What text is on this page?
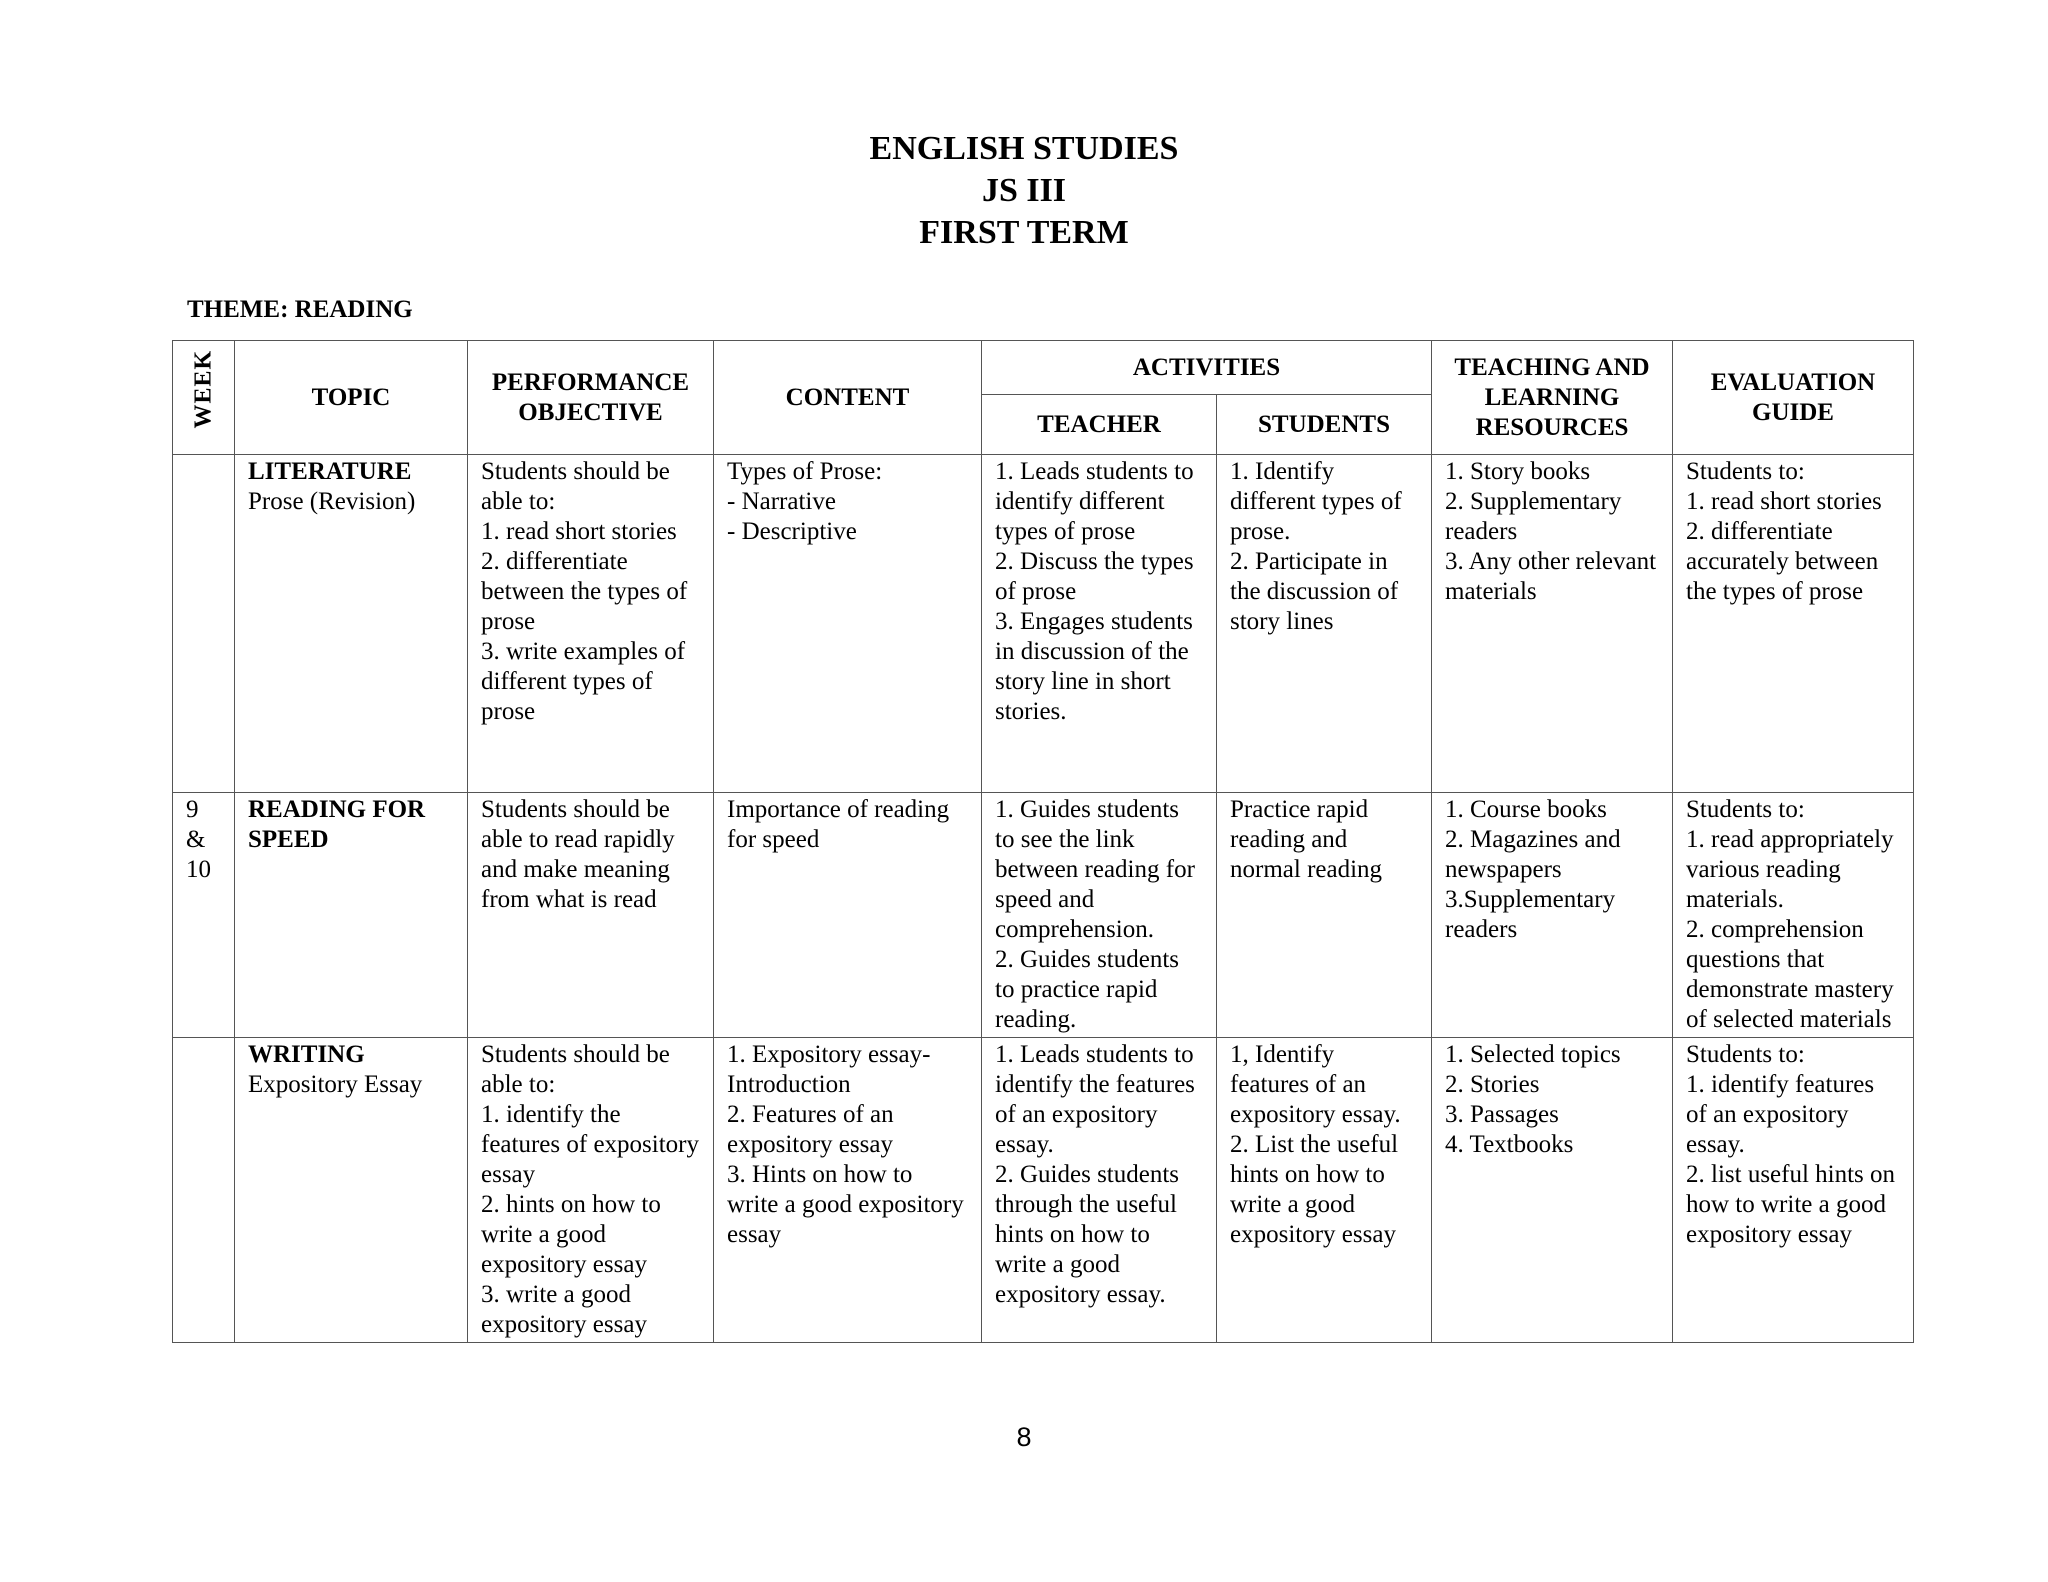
ENGLISH STUDIES
JS III
FIRST TERM
THEME: READING
WEEK	TOPIC	PERFORMANCE OBJECTIVE	CONTENT	ACTIVITIES		TEACHING AND LEARNING RESOURCES	EVALUATION GUIDE
				TEACHER	STUDENTS		

	LITERATURE
Prose (Revision)	Students should be able to:
1. read short stories
2. differentiate between the types of prose
3. write examples of different types of prose	Types of Prose:
- Narrative
- Descriptive	1. Leads students to identify different types of prose
2. Discuss the types of prose
3. Engages students in discussion of the story line in short stories.	1. Identify different types of prose.
2. Participate in the discussion of story lines	1. Story books
2. Supplementary readers
3. Any other relevant materials	Students to:
1. read short stories
2. differentiate accurately between the types of prose

9
&
10	READING FOR SPEED	Students should be able to read rapidly and make meaning from what is read	Importance of reading for speed	1. Guides students to see the link between reading for speed and comprehension.
2. Guides students to practice rapid reading.	Practice rapid reading and normal reading	1. Course books
2. Magazines and newspapers
3.Supplementary readers	Students to:
1. read appropriately various reading materials.
2. comprehension questions that demonstrate mastery of selected materials

	WRITING
Expository Essay	Students should be able to:
1. identify the features of expository essay
2. hints on how to write a good expository essay
3. write a good expository essay	1. Expository essay- Introduction
2. Features of an expository essay
3. Hints on how to write a good expository essay	1. Leads students to identify the features of an expository essay.
2. Guides students through the useful hints on how to write a good expository essay.	1, Identify features of an expository essay.
2. List the useful hints on how to write a good expository essay	1. Selected topics
2. Stories
3. Passages
4. Textbooks	Students to:
1. identify features of an expository essay.
2. list useful hints on how to write a good expository essay
8
